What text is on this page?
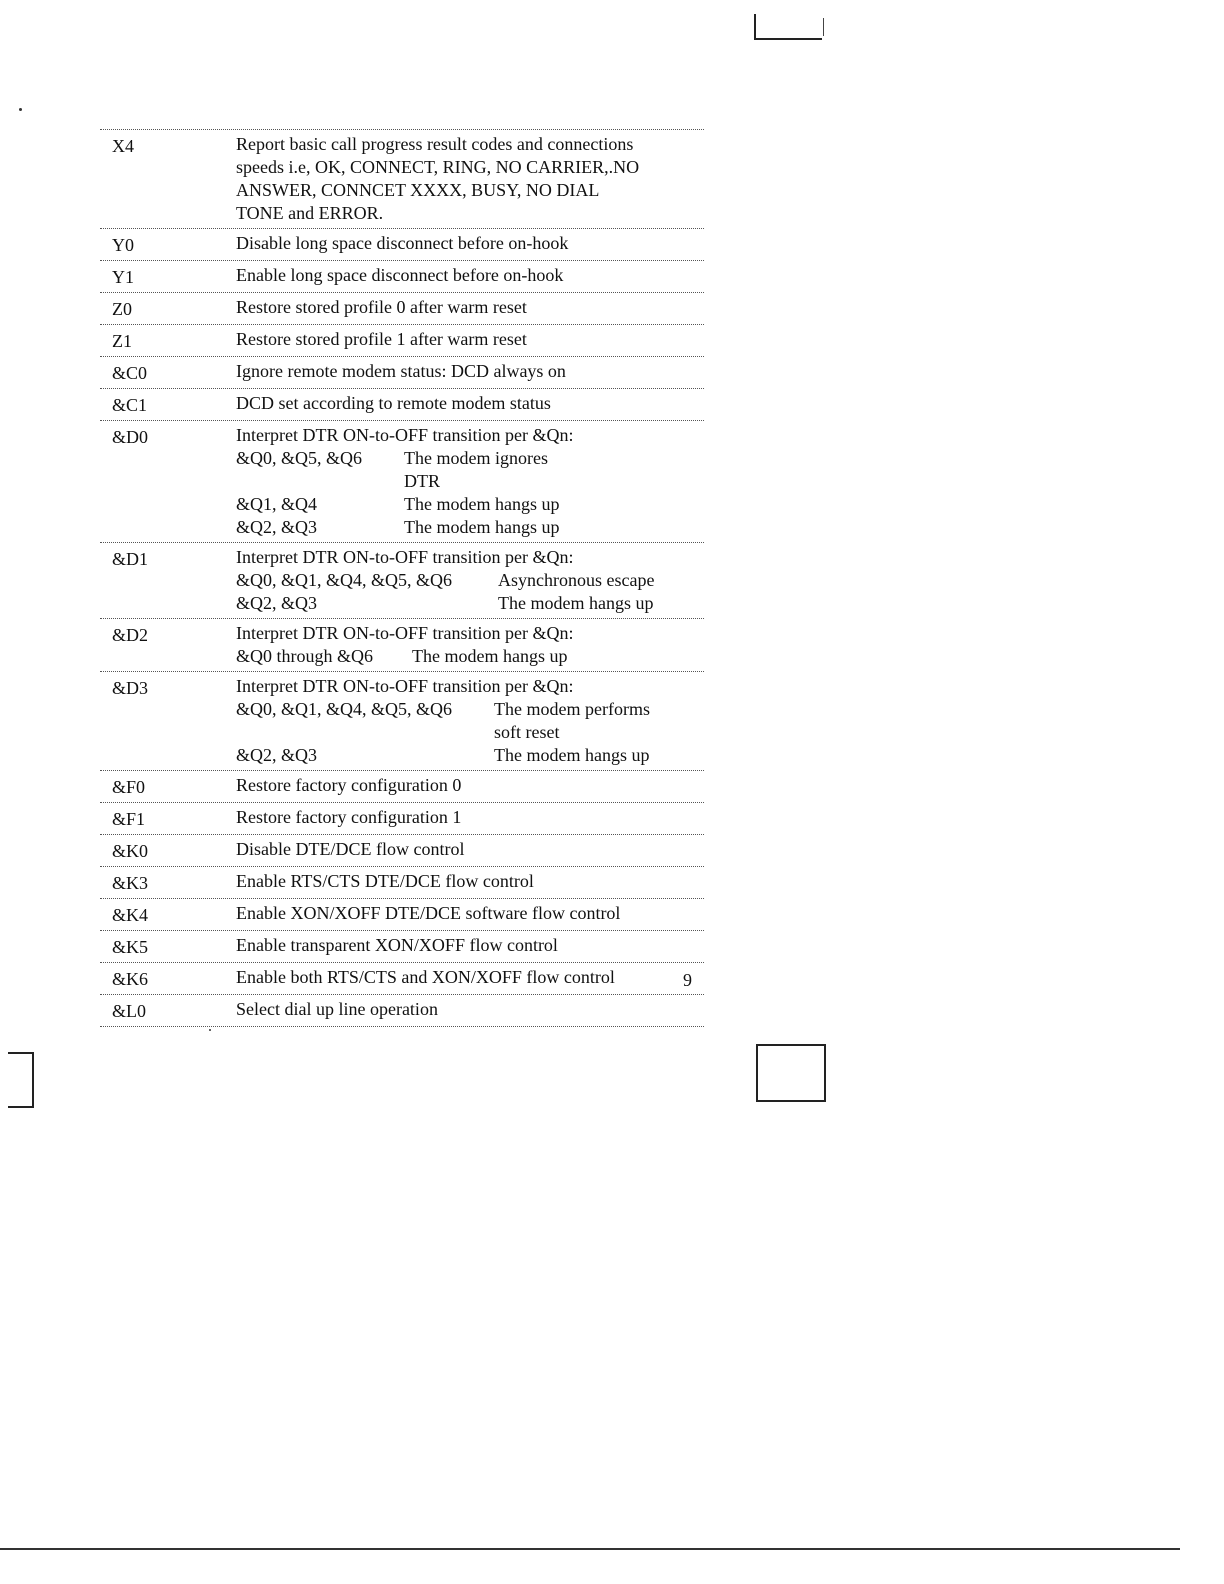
X4	Report basic call progress result codes and connections
speeds i.e, OK, CONNECT, RING, NO CARRIER,.NO
ANSWER, CONNCET XXXX, BUSY, NO DIAL
TONE and ERROR.
Y0	Disable long space disconnect before on-hook
Y1	Enable long space disconnect before on-hook
Z0	Restore stored profile 0 after warm reset
Z1	Restore stored profile 1 after warm reset
&C0	Ignore remote modem status: DCD always on
&C1	DCD set according to remote modem status
&D0	Interpret DTR ON-to-OFF transition per &Qn:
&Q0, &Q5, &Q6	The modem ignores DTR
&Q1, &Q4	The modem hangs up
&Q2, &Q3	The modem hangs up
&D1	Interpret DTR ON-to-OFF transition per &Qn:
&Q0, &Q1, &Q4, &Q5, &Q6	Asynchronous escape
&Q2, &Q3	The modem hangs up
&D2	Interpret DTR ON-to-OFF transition per &Qn:
&Q0 through &Q6	The modem hangs up
&D3	Interpret DTR ON-to-OFF transition per &Qn:
&Q0, &Q1, &Q4, &Q5, &Q6	The modem performs soft reset
&Q2, &Q3	The modem hangs up
&F0	Restore factory configuration 0
&F1	Restore factory configuration 1
&K0	Disable DTE/DCE flow control
&K3	Enable RTS/CTS DTE/DCE flow control
&K4	Enable XON/XOFF DTE/DCE software flow control
&K5	Enable transparent XON/XOFF flow control
&K6	Enable both RTS/CTS and XON/XOFF flow control
&L0	Select dial up line operation
9
